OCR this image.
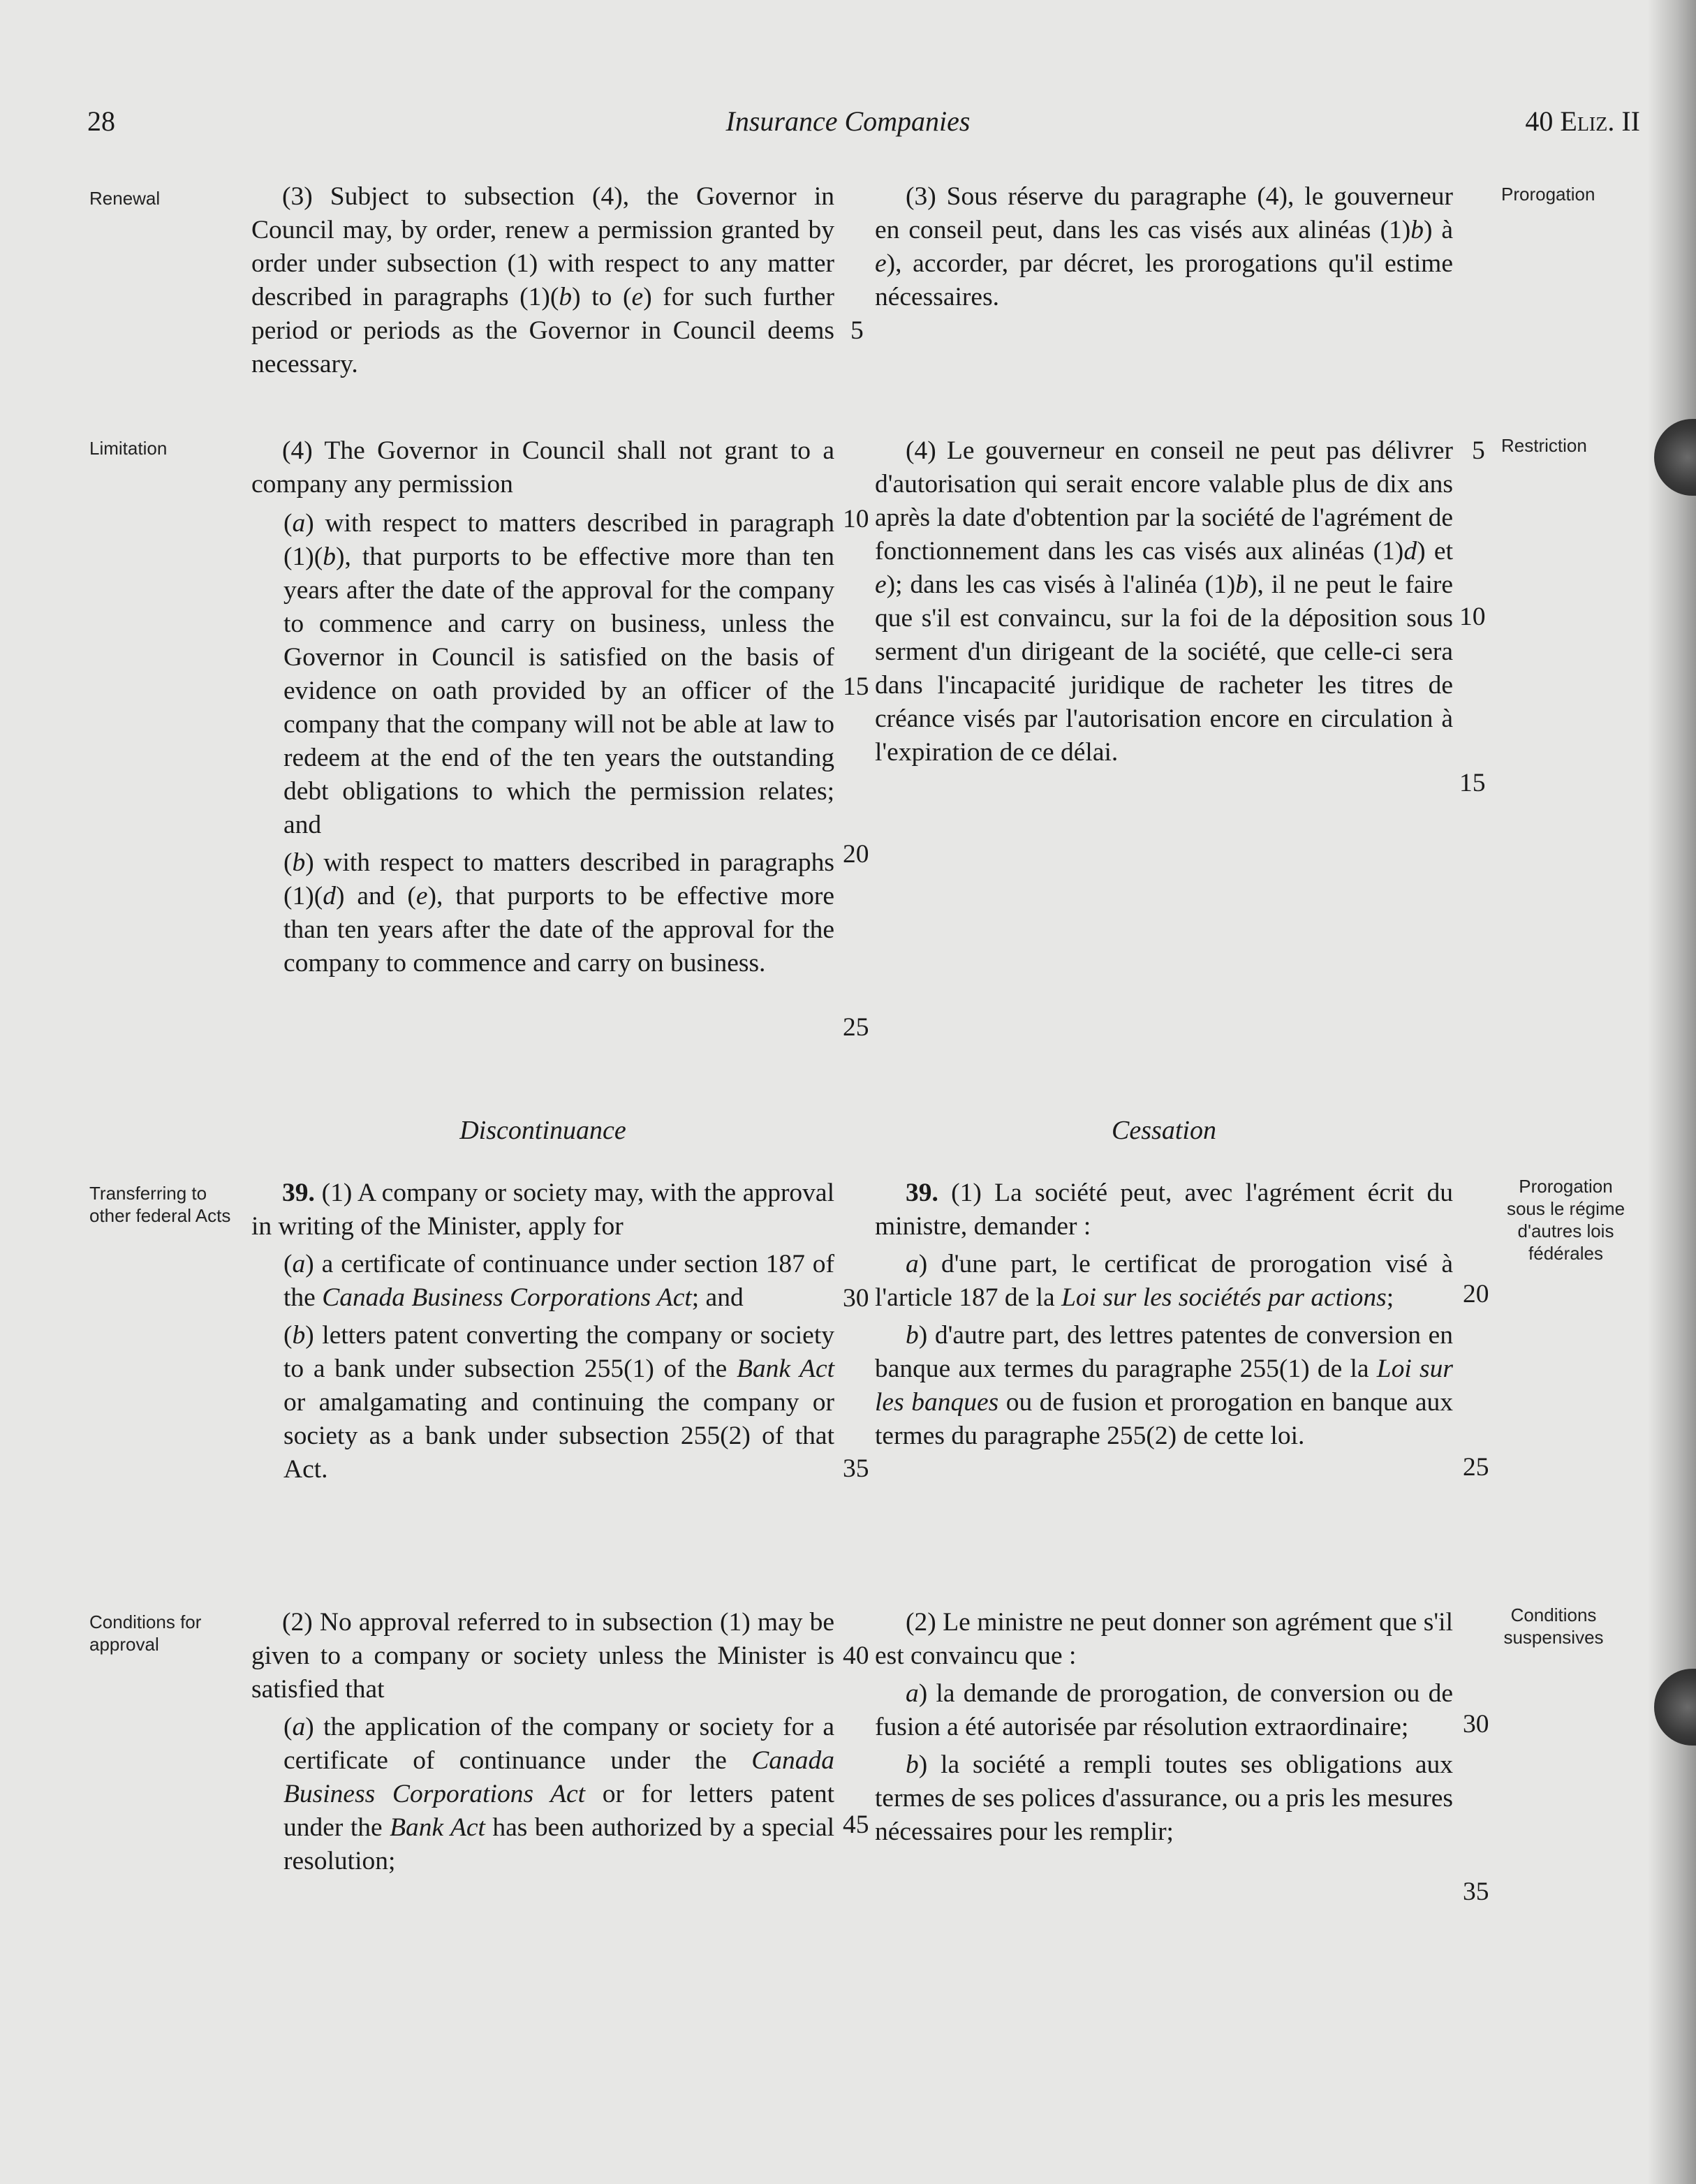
28	Insurance Companies	40 Eliz. II
Renewal	Prorogation
Limitation	Restriction
Transferring to other federal Acts
Prorogation sous le régime d'autres lois fédérales
Conditions for approval
Conditions suspensives

(3) Subject to subsection (4), the Governor in Council may, by order, renew a permission granted by order under subsection (1) with respect to any matter described in paragraphs (1)(b) to (e) for such further period or periods as the Governor in Council deems necessary.

(4) The Governor in Council shall not grant to a company any permission

(a) with respect to matters described in paragraph (1)(b), that purports to be effective more than ten years after the date of the approval for the company to commence and carry on business, unless the Governor in Council is satisfied on the basis of evidence on oath provided by an officer of the company that the company will not be able at law to redeem at the end of the ten years the outstanding debt obligations to which the permission relates; and

(b) with respect to matters described in paragraphs (1)(d) and (e), that purports to be effective more than ten years after the date of the approval for the company to commence and carry on business.

(3) Sous réserve du paragraphe (4), le gouverneur en conseil peut, dans les cas visés aux alinéas (1)b) à e), accorder, par décret, les prorogations qu'il estime nécessaires.

(4) Le gouverneur en conseil ne peut pas délivrer d'autorisation qui serait encore valable plus de dix ans après la date d'obtention par la société de l'agrément de fonctionnement dans les cas visés aux alinéas (1)d) et e); dans les cas visés à l'alinéa (1)b), il ne peut le faire que s'il est convaincu, sur la foi de la déposition sous serment d'un dirigeant de la société, que celle-ci sera dans l'incapacité juridique de racheter les titres de créance visés par l'autorisation encore en circulation à l'expiration de ce délai.

Discontinuance	Cessation

39. (1) A company or society may, with the approval in writing of the Minister, apply for

(a) a certificate of continuance under section 187 of the Canada Business Corporations Act; and

(b) letters patent converting the company or society to a bank under subsection 255(1) of the Bank Act or amalgamating and continuing the company or society as a bank under subsection 255(2) of that Act.

39. (1) La société peut, avec l'agrément écrit du ministre, demander :

a) d'une part, le certificat de prorogation visé à l'article 187 de la Loi sur les sociétés par actions;

b) d'autre part, des lettres patentes de conversion en banque aux termes du paragraphe 255(1) de la Loi sur les banques ou de fusion et prorogation en banque aux termes du paragraphe 255(2) de cette loi.

(2) No approval referred to in subsection (1) may be given to a company or society unless the Minister is satisfied that

(a) the application of the company or society for a certificate of continuance under the Canada Business Corporations Act or for letters patent under the Bank Act has been authorized by a special resolution;

(2) Le ministre ne peut donner son agrément que s'il est convaincu que :

a) la demande de prorogation, de conversion ou de fusion a été autorisée par résolution extraordinaire;

b) la société a rempli toutes ses obligations aux termes de ses polices d'assurance, ou a pris les mesures nécessaires pour les remplir;

5
5
10
10
15
15
20
25
30	20
35	25
40
30
45
35
